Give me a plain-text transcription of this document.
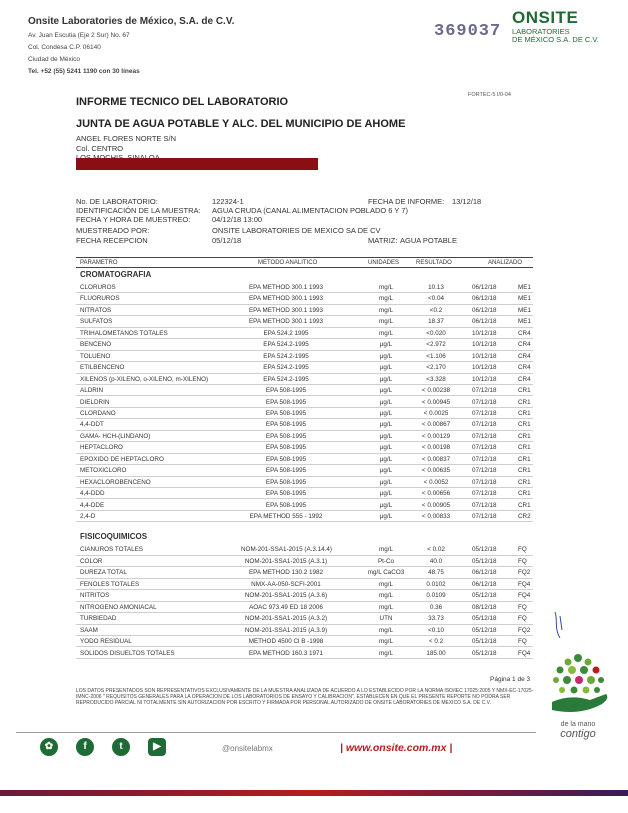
Onsite Laboratories de México, S.A. de C.V.
Av. Juan Escutia (Eje 2 Sur) No. 67
Col. Condesa C.P. 06140
Ciudad de México
Tel. +52 (55) 5241 1190 con 30 líneas
369037
ONSITE
LABORATORIES
DE MÉXICO S.A. DE C.V.
FORTEC-5 I/0-04
INFORME TECNICO DEL LABORATORIO
JUNTA DE AGUA POTABLE Y ALC. DEL MUNICIPIO DE AHOME
ANGEL FLORES NORTE S/N
Col. CENTRO
No. DE LABORATORIO:	122324-1	FECHA DE INFORME: 13/12/18
IDENTIFICACIÓN DE LA MUESTRA: AGUA CRUDA (CANAL ALIMENTACION POBLADO 6 Y 7)
FECHA Y HORA DE MUESTREO:	04/12/18 13:00
MUESTREADO POR:	ONSITE LABORATORIES DE MEXICO SA DE CV
FECHA RECEPCION	05/12/18	MATRIZ: AGUA POTABLE
PARAMETRO	METODO ANALITICO	UNIDADES	RESULTADO	ANALIZADO
CROMATOGRAFIA
CLORUROS	EPA METHOD 300.1 1993	mg/L	10.13	06/12/18	ME1
FLUORUROS	EPA METHOD 300.1 1993	mg/L	<0.04	06/12/18	ME1
NITRATOS	EPA METHOD 300.1 1993	mg/L	<0.2	06/12/18	ME1
SULFATOS	EPA METHOD 300.1 1993	mg/L	18.37	06/12/18	ME1
TRIHALOMETANOS TOTALES	EPA 524.2 1995	mg/L	<0.020	10/12/18	CR4
BENCENO	EPA 524.2-1995	µg/L	<2.972	10/12/18	CR4
TOLUENO	EPA 524.2-1995	µg/L	<1.106	10/12/18	CR4
ETILBENCENO	EPA 524.2-1995	µg/L	<2.170	10/12/18	CR4
XILENOS (p-XILENO, o-XILENO, m-XILENO)	EPA 524.2-1995	µg/L	<3.328	10/12/18	CR4
ALDRIN	EPA 508-1995	µg/L	< 0.00238	07/12/18	CR1
DIELDRIN	EPA 508-1995	µg/L	< 0.00945	07/12/18	CR1
CLORDANO	EPA 508-1995	µg/L	< 0.0025	07/12/18	CR1
4,4-DDT	EPA 508-1995	µg/L	< 0.00867	07/12/18	CR1
GAMA- HCH-(LINDANO)	EPA 508-1995	µg/L	< 0.00129	07/12/18	CR1
HEPTACLORO	EPA 508-1995	µg/L	< 0.00198	07/12/18	CR1
EPOXIDO DE HEPTACLORO	EPA 508-1995	µg/L	< 0.00837	07/12/18	CR1
METOXICLORO	EPA 508-1995	µg/L	< 0.00635	07/12/18	CR1
HEXACLOROBENCENO	EPA 508-1995	µg/L	< 0.0052	07/12/18	CR1
4,4-DDD	EPA 508-1995	µg/L	< 0.00656	07/12/18	CR1
4,4-DDE	EPA 508-1995	µg/L	< 0.00905	07/12/18	CR1
2,4-D	EPA METHOD 555 - 1992	µg/L	< 0.00833	07/12/18	CR2
FISICOQUIMICOS
CIANUROS TOTALES	NOM-201-SSA1-2015 (A.3.14.4)	mg/L	< 0.02	05/12/18	FQ
COLOR	NOM-201-SSA1-2015 (A.3.1)	Pt-Co	40.0	05/12/18	FQ
DUREZA TOTAL	EPA METHOD 130.2 1982	mg/L CaCO3	48.75	06/12/18	FQ2
FENOLES TOTALES	NMX-AA-050-SCFI-2001	mg/L	0.0102	06/12/18	FQ4
NITRITOS	NOM-201-SSA1-2015 (A.3.6)	mg/L	0.0109	05/12/18	FQ4
NITROGENO AMONIACAL	AOAC 973.49 ED 18 2006	mg/L	0.36	08/12/18	FQ
TURBIEDAD	NOM-201-SSA1-2015 (A.3.2)	UTN	33.73	05/12/18	FQ
SAAM	NOM-201-SSA1-2015 (A.3.9)	mg/L	<0.10	05/12/18	FQ2
YODO RESIDUAL	METHOD 4500 Cl B -1998	mg/L	< 0.2	05/12/18	FQ
SOLIDOS DISUELTOS TOTALES	EPA METHOD 160.3 1971	mg/L	185.00	05/12/18	FQ4
Página 1 de 3
LOS DATOS PRESENTADOS SON REPRESENTATIVOS EXCLUSIVAMENTE DE LA MUESTRA ANALIZADA DE ACUERDO A LO ESTABLECIDO POR LA NORMA ISO/IEC 17025:2005 Y NMX-EC-17025-IMNC-2006 " REQUISITOS GENERALES PARA LA OPERACION DE LOS LABORATORIOS DE ENSAYO Y CALIBRACION". ESTABLECEN EN QUE EL PRESENTE REPORTE NO PODRA SER REPRODUCIDO PARCIAL NI TOTALMENTE SIN AUTORIZACION POR ESCRITO Y FIRMADA POR PERSONAL AUTORIZADO DE ONSITE LABORATORIES DE MEXICO S.A. DE C.V.
✿	f	t	▶	@onsitelabmx	| www.onsite.com.mx |
de la mano
contigo
